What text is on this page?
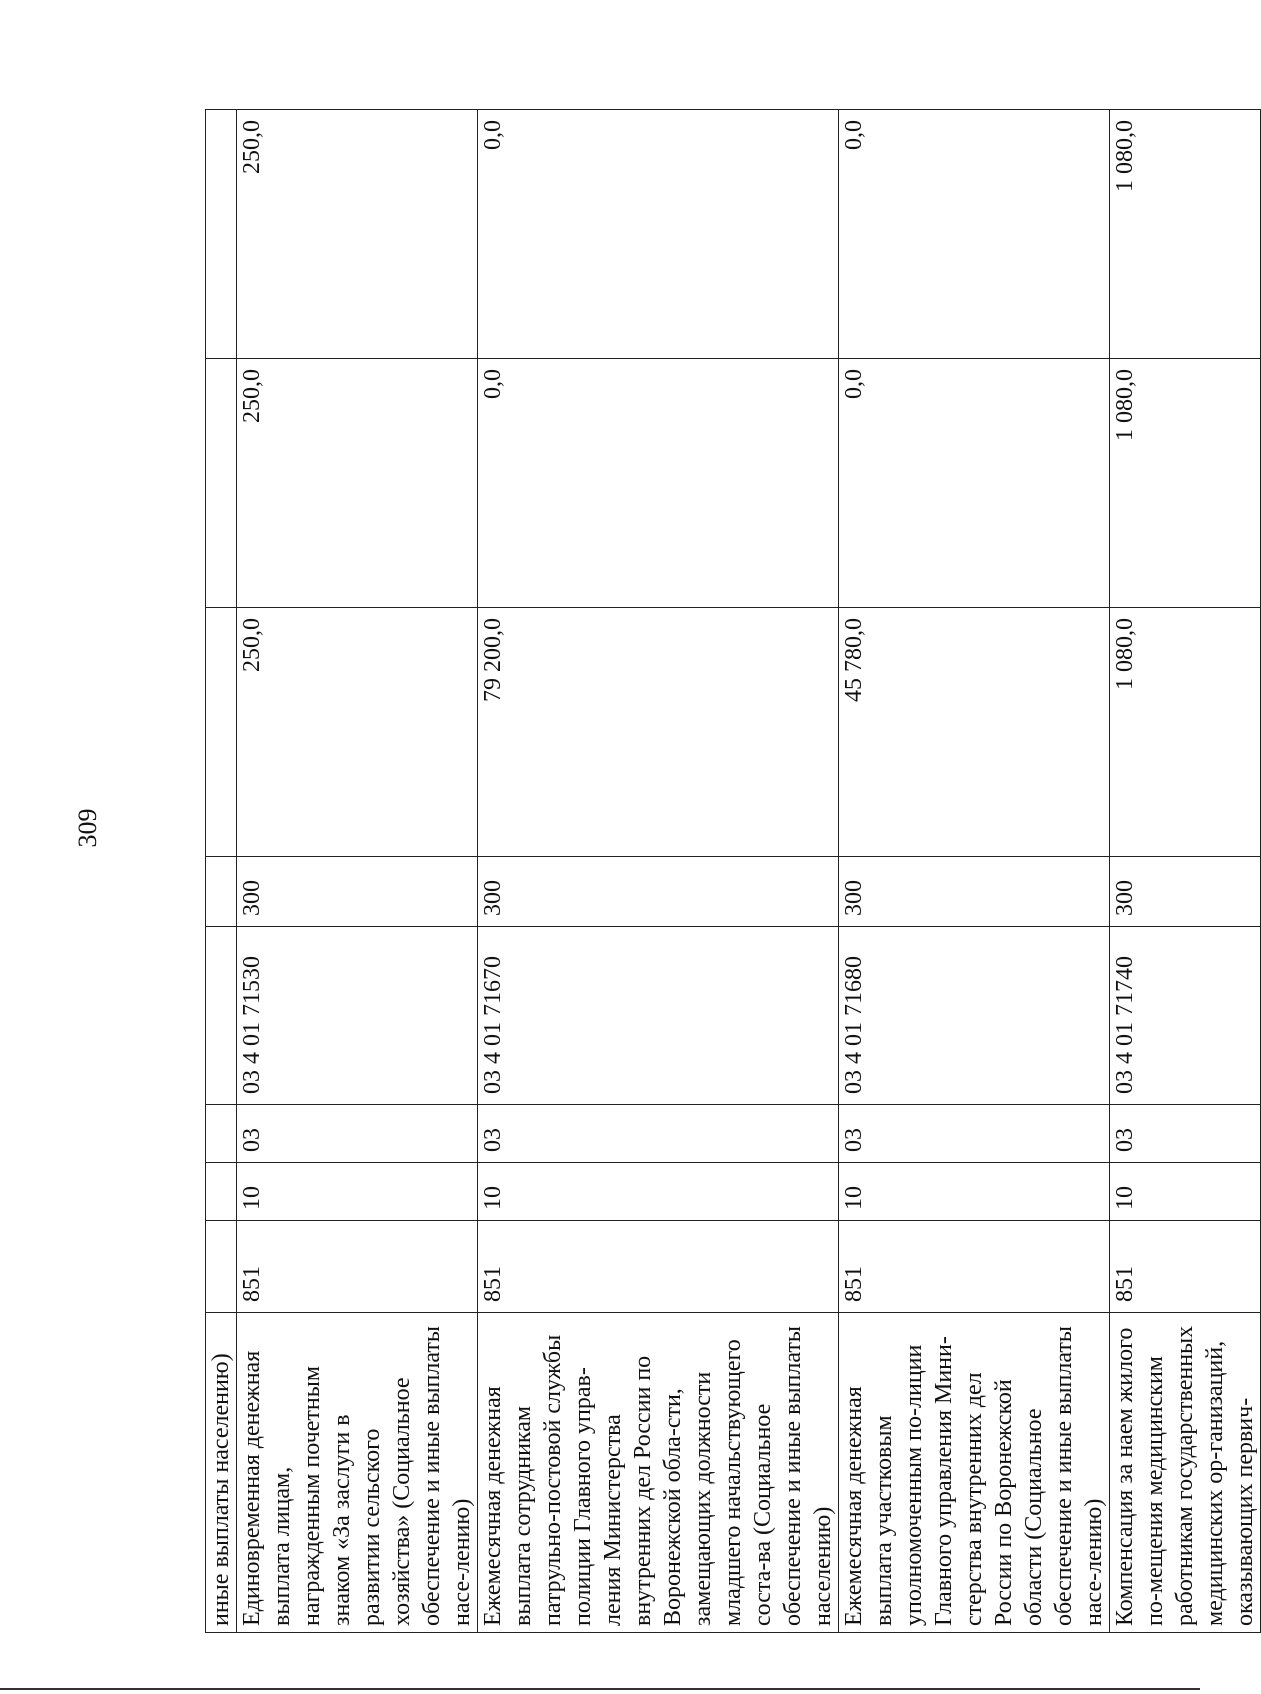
309
иные выплаты населению)								
Единовременная денежная выплата лицам, награжденным почетным знаком «За заслуги в развитии сельского хозяйства» (Социальное обеспечение и иные выплаты насе-лению)	851	10	03	03 4 01 71530	300	250,0	250,0	250,0
Ежемесячная денежная выплата сотрудникам патрульно-постовой службы полиции Главного управ-ления Министерства внутренних дел России по Воронежской обла-сти, замещающих должности младшего начальствующего соста-ва (Социальное обеспечение и иные выплаты населению)	851	10	03	03 4 01 71670	300	79 200,0	0,0	0,0
Ежемесячная денежная выплата участковым уполномоченным по-лиции Главного управления Мини-стерства внутренних дел России по Воронежской области (Социальное обеспечение и иные выплаты насе-лению)	851	10	03	03 4 01 71680	300	45 780,0	0,0	0,0
Компенсация за наем жилого по-мещения медицинским работникам государственных медицинских ор-ганизаций, оказывающих первич-	851	10	03	03 4 01 71740	300	1 080,0	1 080,0	1 080,0
